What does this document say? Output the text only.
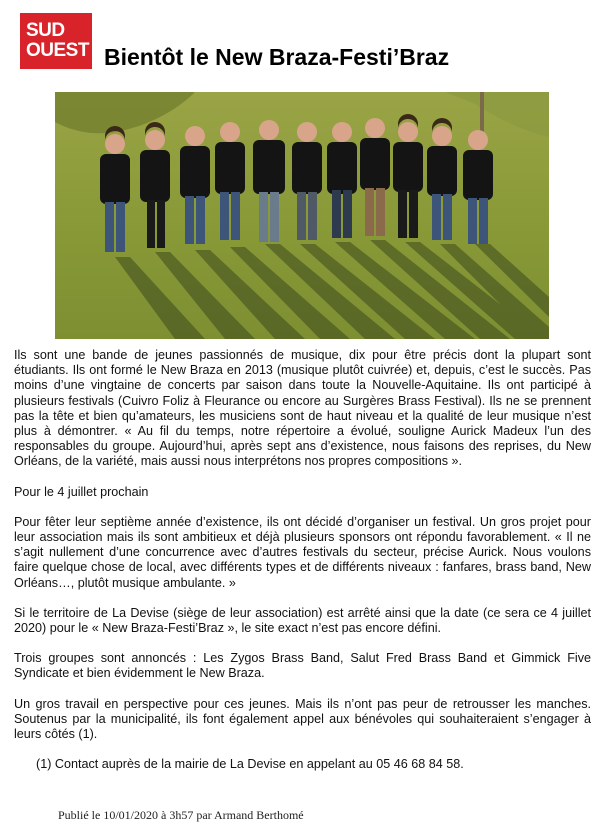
SUD
OUEST Bientôt le New Braza-Festi’Braz

Ils sont une bande de jeunes passionnés de musique, dix pour être précis dont la plupart sont étudiants. Ils ont formé le New Braza en 2013 (musique plutôt cuivrée) et, depuis, c’est le succès. Pas moins d’une vingtaine de concerts par saison dans toute la Nouvelle-Aquitaine. Ils ont participé à plusieurs festivals (Cuivro Foliz à Fleurance ou encore au Surgères Brass Festival). Ils ne se prennent pas la tête et bien qu’amateurs, les musiciens sont de haut niveau et la qualité de leur musique n’est plus à démontrer. « Au fil du temps, notre répertoire a évolué, souligne Aurick Madeux l’un des responsables du groupe. Aujourd’hui, après sept ans d’existence, nous faisons des reprises, du New Orléans, de la variété, mais aussi nous interprétons nos propres compositions ».

Pour le 4 juillet prochain

Pour fêter leur septième année d’existence, ils ont décidé d’organiser un festival. Un gros projet pour leur association mais ils sont ambitieux et déjà plusieurs sponsors ont répondu favorablement. « Il ne s’agit nullement d’une concurrence avec d’autres festivals du secteur, précise Aurick. Nous voulons faire quelque chose de local, avec différents types et de différents niveaux : fanfares, brass band, New Orléans…, plutôt musique ambulante. »

Si le territoire de La Devise (siège de leur association) est arrêté ainsi que la date (ce sera ce 4 juillet 2020) pour le « New Braza-Festi’Braz », le site exact n’est pas encore défini.

Trois groupes sont annoncés : Les Zygos Brass Band, Salut Fred Brass Band et Gimmick Five Syndicate et bien évidemment le New Braza.

Un gros travail en perspective pour ces jeunes. Mais ils n’ont pas peur de retrousser les manches. Soutenus par la municipalité, ils font également appel aux bénévoles qui souhaiteraient s’engager à leurs côtés (1).

(1) Contact auprès de la mairie de La Devise en appelant au 05 46 68 84 58.

Publié le 10/01/2020 à 3h57 par Armand Berthomé
